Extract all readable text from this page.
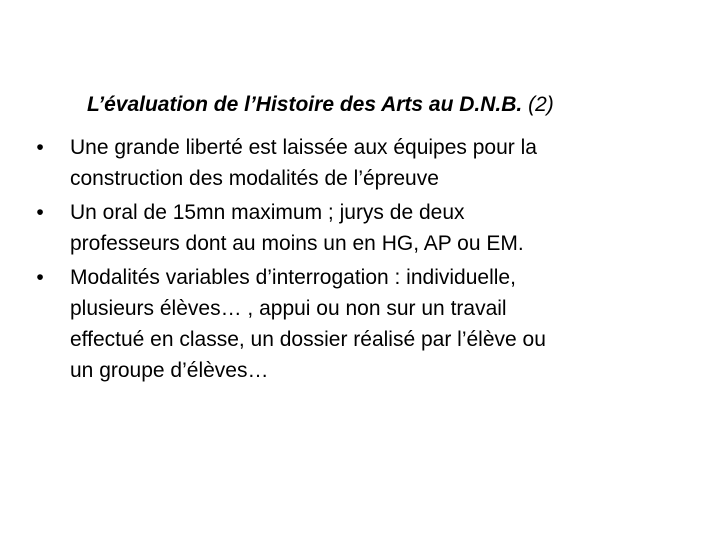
L’évaluation de l’Histoire des Arts au D.N.B. (2)
•	Une grande liberté est laissée aux équipes pour la
construction des modalités de l’épreuve
•	Un oral de 15mn maximum ; jurys de deux
professeurs dont au moins un en HG, AP ou EM.
•	Modalités variables d’interrogation : individuelle,
plusieurs élèves… , appui ou non sur un travail
effectué en classe, un dossier réalisé par l’élève ou
un groupe d’élèves…
